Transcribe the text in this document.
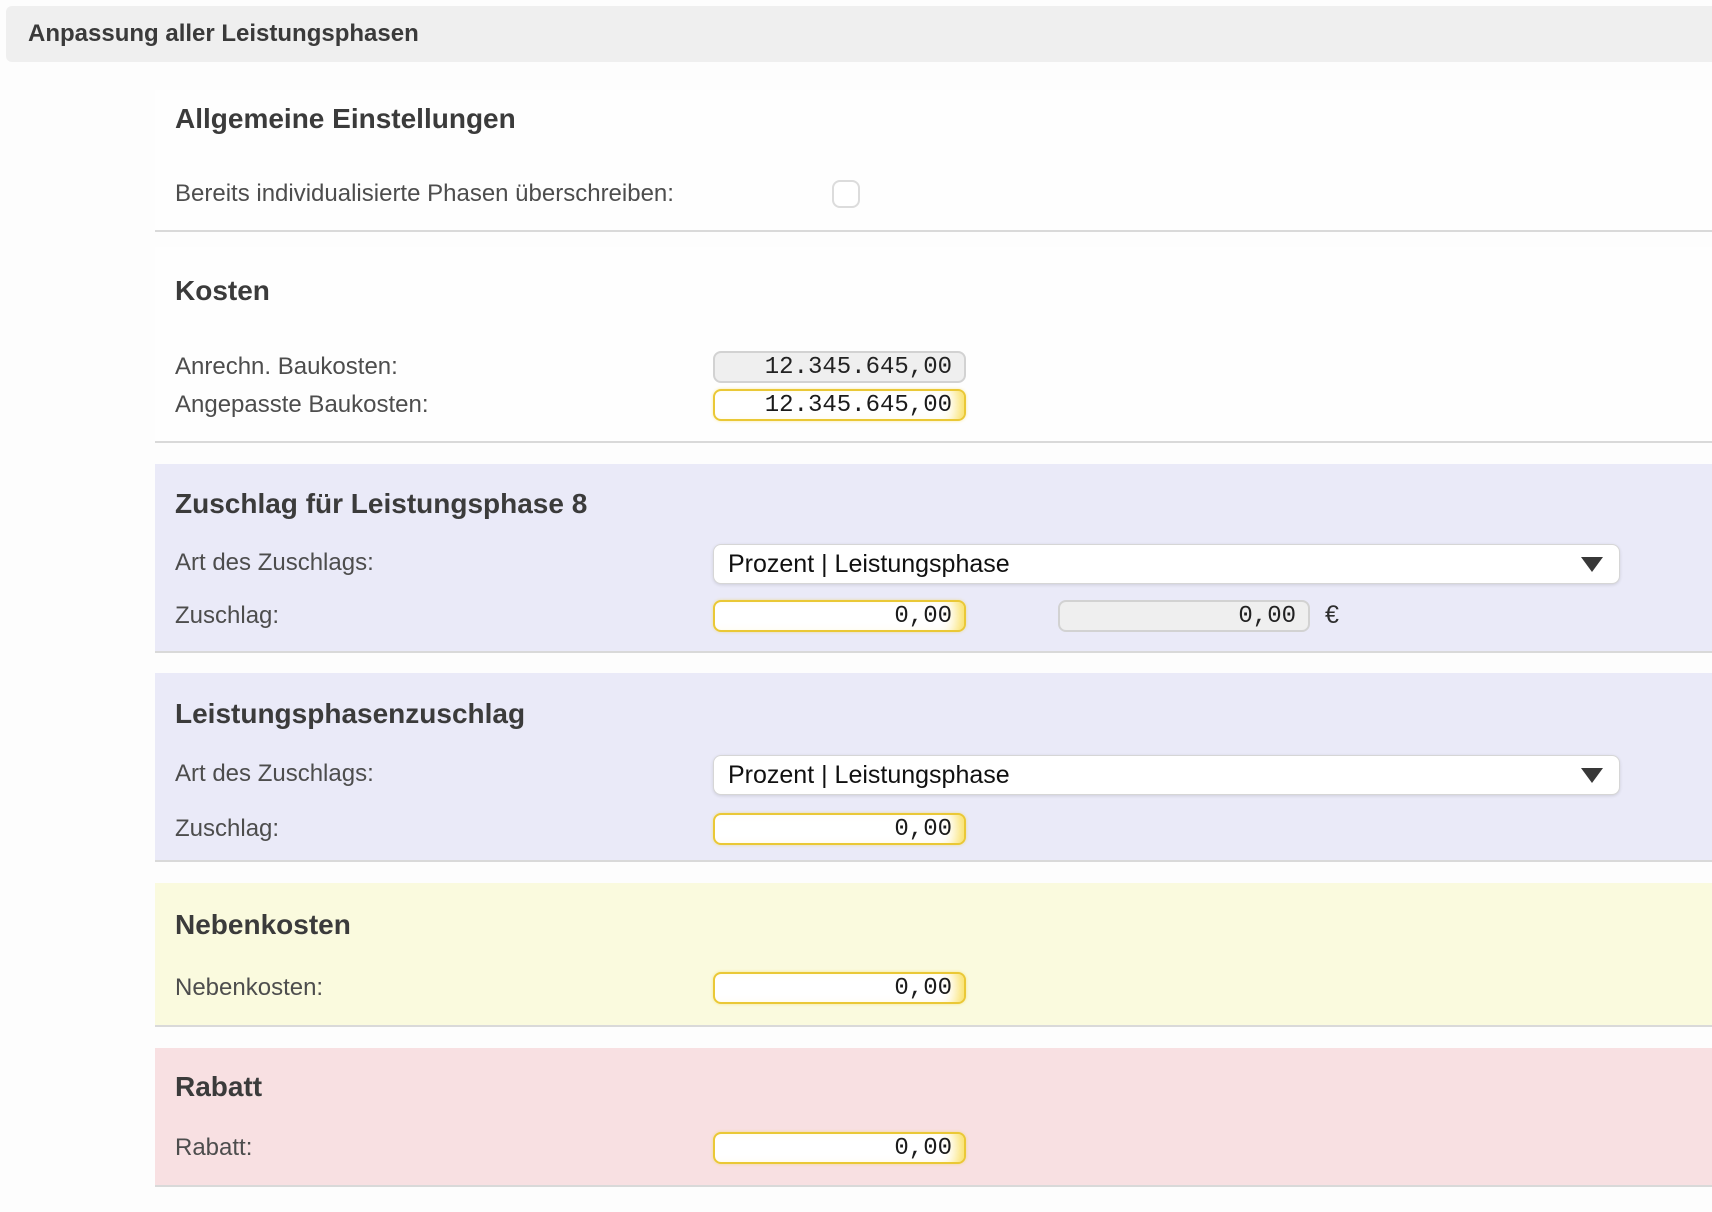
Anpassung aller Leistungsphasen
Allgemeine Einstellungen
Bereits individualisierte Phasen überschreiben:
Kosten
Anrechn. Baukosten:
12.345.645,00
Angepasste Baukosten:
12.345.645,00
Zuschlag für Leistungsphase 8
Art des Zuschlags:	Prozent | Leistungsphase
Zuschlag:
0,00
0,00	€
Leistungsphasenzuschlag
Art des Zuschlags:	Prozent | Leistungsphase
Zuschlag:
0,00
Nebenkosten
Nebenkosten:
0,00
Rabatt
Rabatt:
0,00
